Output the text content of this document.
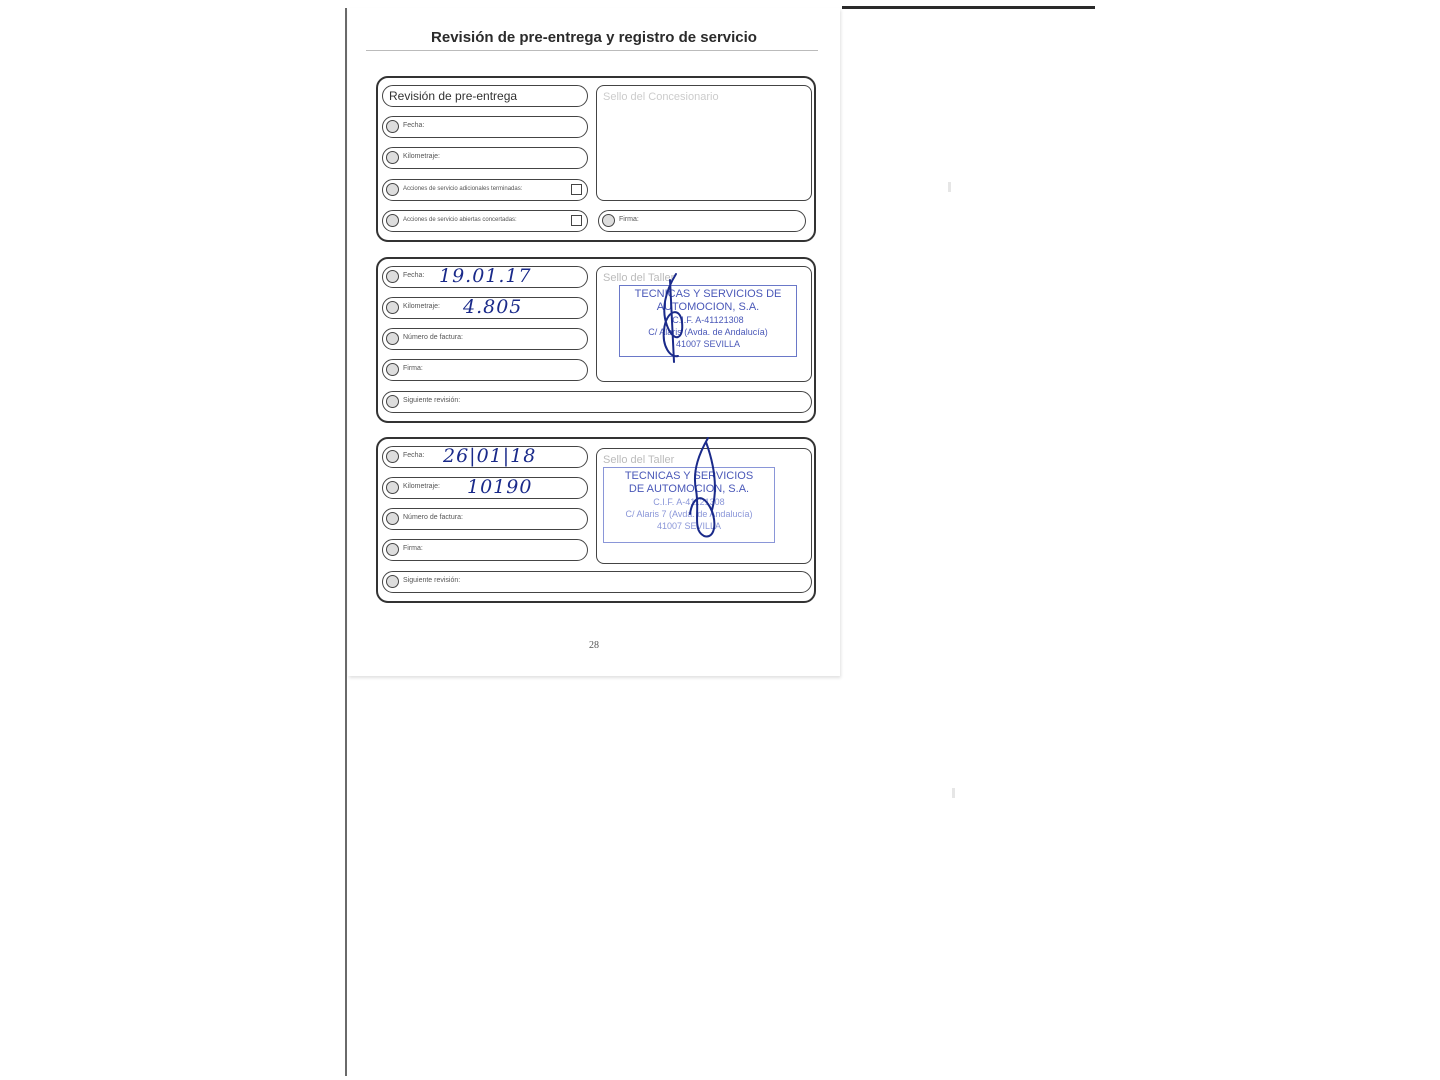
Revisión de pre-entrega y registro de servicio
Revisión de pre-entrega
Fecha:
Kilometraje:
Acciones de servicio adicionales terminadas:
Acciones de servicio abiertas concertadas:
Sello del Concesionario
Firma:
Fecha: 19.01.17
Kilometraje: 4.805
Número de factura:
Firma:
Sello del Taller
TECNICAS Y SERVICIOS DE
AUTOMOCION, S.A.
C.I.F. A-41121308
C/ Alaris (Avda. de Andalucía)
41007 SEVILLA
Siguiente revisión:
Fecha: 26|01|18
Kilometraje: 10190
Número de factura:
Firma:
Sello del Taller
TECNICAS Y SERVICIOS
DE AUTOMOCION, S.A.
C.I.F. A-41121308
C/ Alaris 7 (Avda. de Andalucía)
41007 SEVILLA
Siguiente revisión:
28
